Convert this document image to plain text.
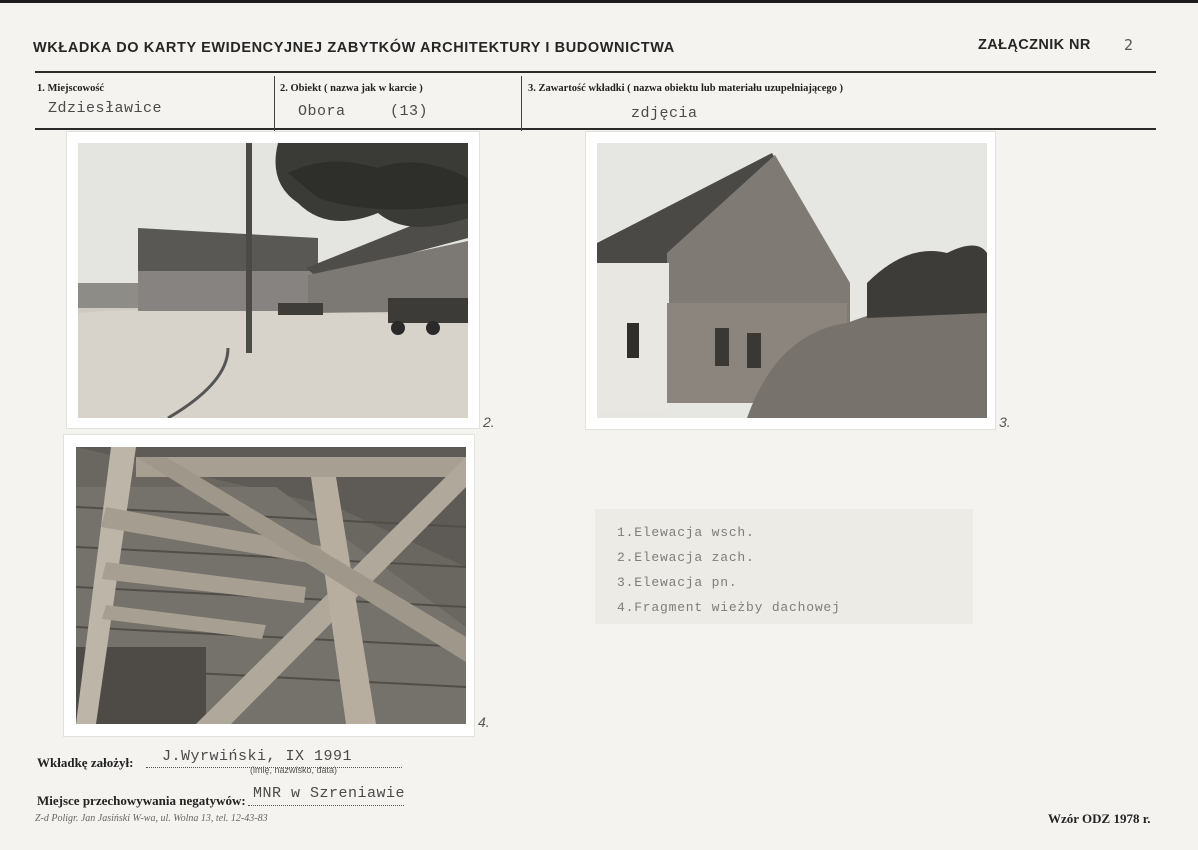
WKŁADKA DO KARTY EWIDENCYJNEJ ZABYTKÓW ARCHITEKTURY I BUDOWNICTWA	ZAŁĄCZNIK NR 2
1. Miejscowość
Zdziesławice
2. Obiekt ( nazwa jak w karcie )
Obora	(13)
3. Zawartość wkładki ( nazwa obiektu lub materiału uzupełniającego )
zdjęcia
2.	3.
4.
1.Elewacja wsch.
2.Elewacja zach.
3.Elewacja pn.
4.Fragment wieżby dachowej
Wkładkę założył: J.Wyrwiński, IX 1991
(imię, nazwisko, data)
Miejsce przechowywania negatywów: MNR w Szreniawie
Z-d Poligr. Jan Jasiński W-wa, ul. Wolna 13, tel. 12-43-83	Wzór ODZ 1978 r.
